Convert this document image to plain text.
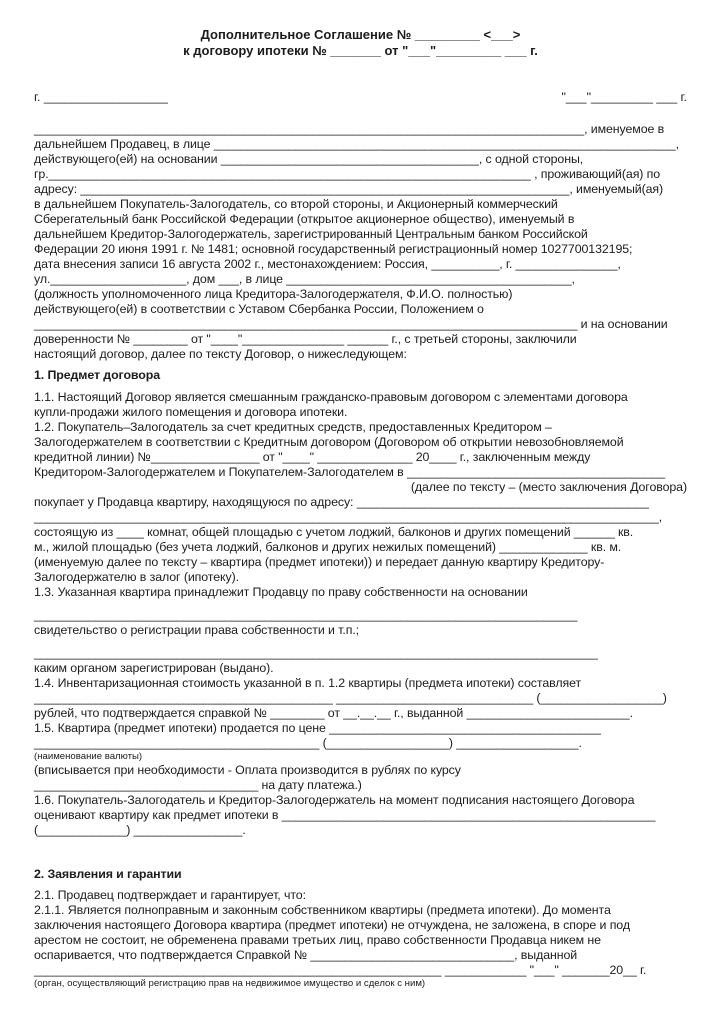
Дополнительное Соглашение № _________ <___>
к договору ипотеки № _______ от "___"_________ ___ г.
г. __________________	"___"_________ ___ г.
_________________________________________________________________________________, именуемое в
дальнейшем Продавец, в лице ____________________________________________________________________,
действующего(ей) на основании ______________________________________, с одной стороны,
гр._______________________________________________________________________ , проживающий(ая) по
адресу: ________________________________________________________________________, именуемый(ая)
в дальнейшем Покупатель-Залогодатель, со второй стороны, и Акционерный коммерческий
Сберегательный банк Российской Федерации (открытое акционерное общество), именуемый в
дальнейшем Кредитор-Залогодержатель, зарегистрированный Центральным банком Российской
Федерации 20 июня 1991 г. № 1481; основной государственный регистрационный номер 1027700132195;
дата внесения записи 16 августа 2002 г., местонахождением: Россия, __________, г. _______________,
ул.____________________, дом ___, в лице __________________________________________,
(должность уполномоченного лица Кредитора-Залогодержателя, Ф.И.О. полностью)
действующего(ей) в соответствии с Уставом Сбербанка России, Положением о
________________________________________________________________________________ и на основании
доверенности № ________ от "____"_______________ ______ г., с третьей стороны, заключили
настоящий договор, далее по тексту Договор, о нижеследующем:
1. Предмет договора
1.1. Настоящий Договор является смешанным гражданско-правовым договором с элементами договора
купли-продажи жилого помещения и договора ипотеки.
1.2. Покупатель–Залогодатель за счет кредитных средств, предоставленных Кредитором –
Залогодержателем в соответствии с Кредитным договором (Договором об открытии невозобновляемой
кредитной линии) №________________ от "____" ______________ 20____ г., заключенным между
Кредитором-Залогодержателем и Покупателем-Залогодателем в ______________________________________
(далее по тексту – (место заключения Договора)
покупает у Продавца квартиру, находящуюся по адресу: ___________________________________________
____________________________________________________________________________________________,
состоящую из ____ комнат, общей площадью с учетом лоджий, балконов и других помещений ______ кв.
м., жилой площадью (без учета лоджий, балконов и других нежилых помещений) _____________ кв. м.
(именуемую далее по тексту – квартира (предмет ипотеки)) и передает данную квартиру Кредитору-
Залогодержателю в залог (ипотеку).
1.3. Указанная квартира принадлежит Продавцу по праву собственности на основании
________________________________________________________________________________
свидетельство о регистрации права собственности и т.п.;
___________________________________________________________________________________
каким органом зарегистрирован (выдано).
1.4. Инвентаризационная стоимость указанной в п. 1.2 квартиры (предмета ипотеки) составляет
____________________________________________ _____________________________ (__________________)
рублей, что подтверждается справкой № ________ от __.__.__ г., выданной ________________________.
1.5. Квартира (предмет ипотеки) продается по цене ________________________________________
__________________________________________ (__________________) __________________.
(наименование валюты)
(вписывается при необходимости - Оплата производится в рублях по курсу
_________________________________ на дату платежа.)
1.6. Покупатель-Залогодатель и Кредитор-Залогодержатель на момент подписания настоящего Договора
оценивают квартиру как предмет ипотеки в _______________________________________________________
(_____________) ________________.
2. Заявления и гарантии
2.1. Продавец подтверждает и гарантирует, что:
2.1.1. Является полноправным и законным собственником квартиры (предмета ипотеки). До момента
заключения настоящего Договора квартира (предмет ипотеки) не отчуждена, не заложена, в споре и под
арестом не состоит, не обременена правами третьих лиц, право собственности Продавца никем не
оспаривается, что подтверждается Справкой № ______________________________, выданной
____________________________________________________________ ____________ "___" _______20__ г.
(орган, осуществляющий регистрацию прав на недвижимое имущество и сделок с ним)
